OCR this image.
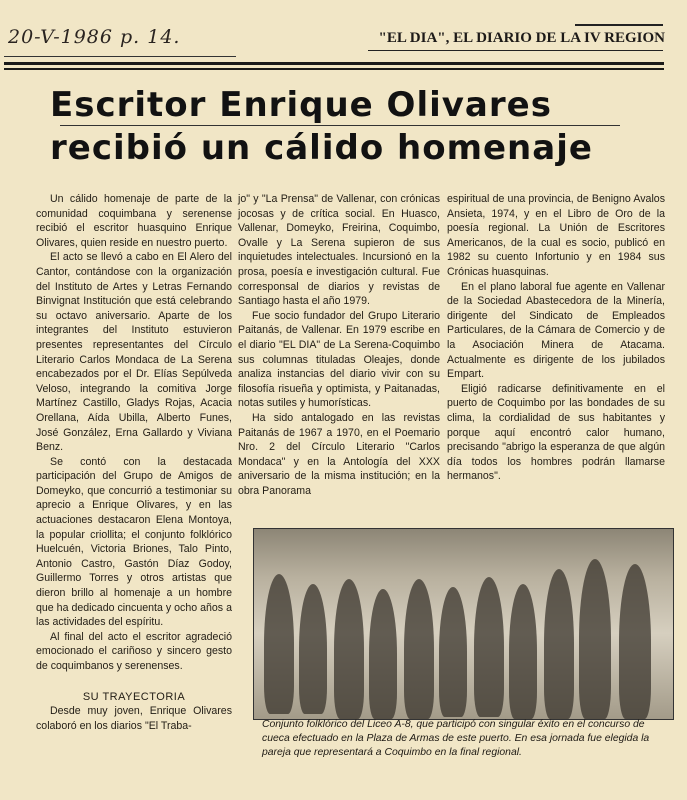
20-V-1986 p. 14.	"EL DIA", EL DIARIO DE LA IV REGION
Escritor Enrique Olivares
recibió un cálido homenaje

Un cálido homenaje de parte de la comunidad coquimbana y serenense recibió el escritor huasquino Enrique Olivares, quien reside en nuestro puerto.

El acto se llevó a cabo en El Alero del Cantor, contándose con la organización del Instituto de Artes y Letras Fernando Binvignat Institución que está celebrando su octavo aniversario. Aparte de los integrantes del Instituto estuvieron presentes representantes del Círculo Literario Carlos Mondaca de La Serena encabezados por el Dr. Elías Sepúlveda Veloso, integrando la comitiva Jorge Martínez Castillo, Gladys Rojas, Acacia Orellana, Aída Ubilla, Alberto Funes, José González, Erna Gallardo y Viviana Benz.

Se contó con la destacada participación del Grupo de Amigos de Domeyko, que concurrió a testimoniar su aprecio a Enrique Olivares, y en las actuaciones destacaron Elena Montoya, la popular criollita; el conjunto folklórico Huelcuén, Victoria Briones, Talo Pinto, Antonio Castro, Gastón Díaz Godoy, Guillermo Torres y otros artistas que dieron brillo al homenaje a un hombre que ha dedicado cincuenta y ocho años a las actividades del espíritu.

Al final del acto el escritor agradeció emocionado el cariñoso y sincero gesto de coquimbanos y serenenses.

SU TRAYECTORIA

Desde muy joven, Enrique Olivares colaboró en los diarios "El Traba-

jo" y "La Prensa" de Vallenar, con crónicas jocosas y de crítica social. En Huasco, Vallenar, Domeyko, Freirina, Coquimbo, Ovalle y La Serena supieron de sus inquietudes intelectuales. Incursionó en la prosa, poesía e investigación cultural. Fue corresponsal de diarios y revistas de Santiago hasta el año 1979.

Fue socio fundador del Grupo Literario Paitanás, de Vallenar. En 1979 escribe en el diario "EL DIA" de La Serena-Coquimbo sus columnas tituladas Oleajes, donde analiza instancias del diario vivir con su filosofía risueña y optimista, y Paitanadas, notas sutiles y humorísticas.

Ha sido antalogado en las revistas Paitanás de 1967 a 1970, en el Poemario Nro. 2 del Círculo Literario "Carlos Mondaca" y en la Antología del XXX aniversario de la misma institución; en la obra Panorama

espiritual de una provincia, de Benigno Avalos Ansieta, 1974, y en el Libro de Oro de la poesía regional. La Unión de Escritores Americanos, de la cual es socio, publicó en 1982 su cuento Infortunio y en 1984 sus Crónicas huasquinas.

En el plano laboral fue agente en Vallenar de la Sociedad Abastecedora de la Minería, dirigente del Sindicato de Empleados Particulares, de la Cámara de Comercio y de la Asociación Minera de Atacama. Actualmente es dirigente de los jubilados Empart.

Eligió radicarse definitivamente en el puerto de Coquimbo por las bondades de su clima, la cordialidad de sus habitantes y porque aquí encontró calor humano, precisando "abrigo la esperanza de que algún día todos los hombres podrán llamarse hermanos".

Conjunto folklórico del Liceo A-8, que participó con singular éxito en el concurso de cueca efectuado en la Plaza de Armas de este puerto. En esa jornada fue elegida la pareja que representará a Coquimbo en la final regional.
